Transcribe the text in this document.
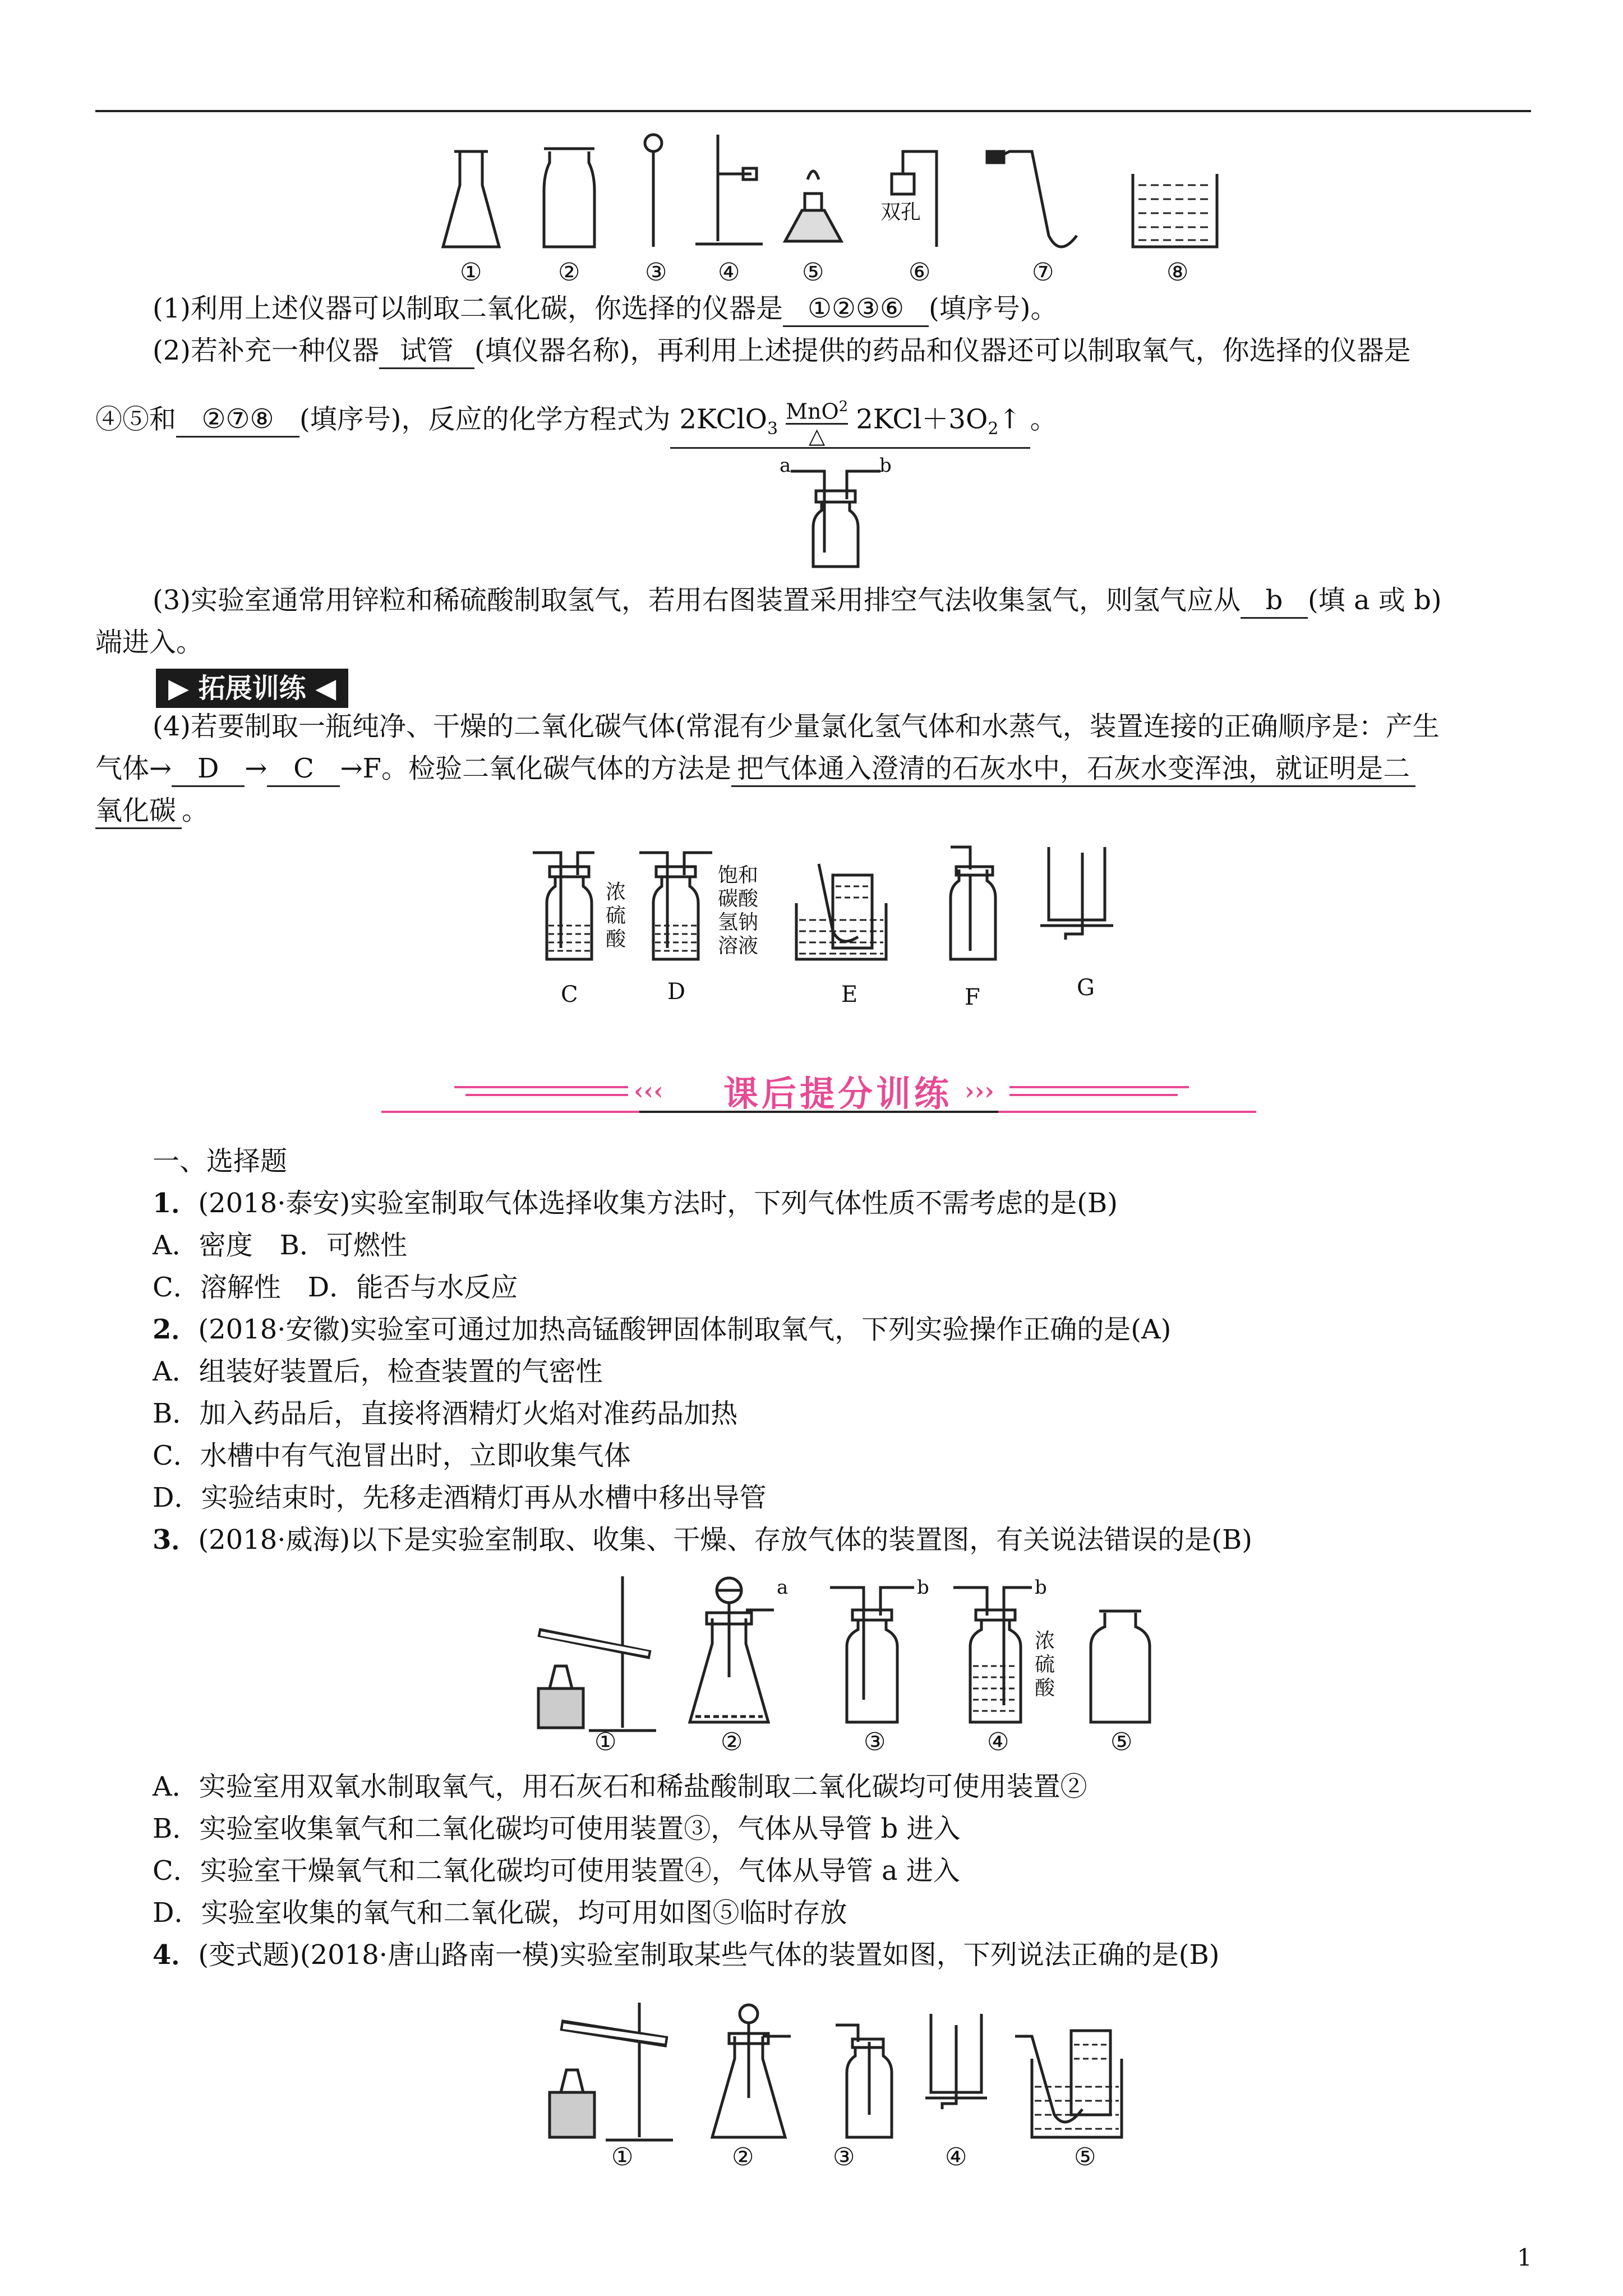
①	②	③ ④	⑤	⑥	⑦	⑧
双孔
(1)利用上述仪器可以制取二氧化碳，你选择的仪器是 ①②③⑥ (填序号)。
(2)若补充一种仪器 试管 (填仪器名称)，再利用上述提供的药品和仪器还可以制取氧气，你选择的仪器是
④⑤和 ②⑦⑧ (填序号)，反应的化学方程式为 2KClO$_3$ $\frac{MnO^2}{\triangle}$ $2KCl+3O_2↑$ 。
a	b
(3)实验室通常用锌粒和稀硫酸制取氢气，若用右图装置采用排空气法收集氢气，则氢气应从 b (填 a 或 b)
端进入。
▶ 拓展训练 ◀
(4)若要制取一瓶纯净、干燥的二氧化碳气体(常混有少量氯化氢气体和水蒸气，装置连接的正确顺序是：产生
气体→ D → C →F。检验二氧化碳气体的方法是 把气体通入澄清的石灰水中，石灰水变浑浊，就证明是二
氧化碳 。
C	D	E	F	G
浓
硫
酸
饱和
碳酸
氢钠
溶液
‹‹‹	›››
课后提分训练
一、选择题
1．(2018·泰安)实验室制取气体选择收集方法时，下列气体性质不需考虑的是(B)
A．密度　B．可燃性
C．溶解性　D．能否与水反应
2．(2018·安徽)实验室可通过加热高锰酸钾固体制取氧气，下列实验操作正确的是(A)
A．组装好装置后，检查装置的气密性
B．加入药品后，直接将酒精灯火焰对准药品加热
C．水槽中有气泡冒出时，立即收集气体
D．实验结束时，先移走酒精灯再从水槽中移出导管
3．(2018·威海)以下是实验室制取、收集、干燥、存放气体的装置图，有关说法错误的是(B)
①	②	③	④	⑤
a	b	b
浓
硫
酸
A．实验室用双氧水制取氧气，用石灰石和稀盐酸制取二氧化碳均可使用装置②
B．实验室收集氧气和二氧化碳均可使用装置③，气体从导管 b 进入
C．实验室干燥氧气和二氧化碳均可使用装置④，气体从导管 a 进入
D．实验室收集的氧气和二氧化碳，均可用如图⑤临时存放
4．(变式题)(2018·唐山路南一模)实验室制取某些气体的装置如图，下列说法正确的是(B)
①	②	③	④	⑤
1
